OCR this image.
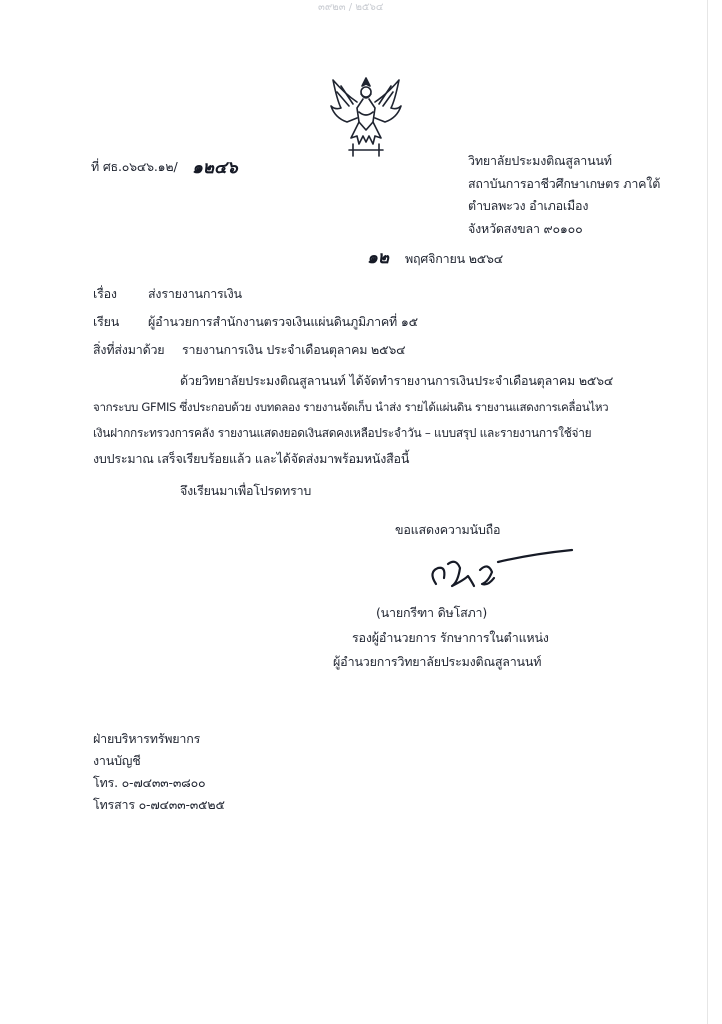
๓๙๒๓ / ๒๕๖๔
ที่ ศธ.๐๖๔๖.๑๒/ ๑๒๔๖	วิทยาลัยประมงติณสูลานนท์
สถาบันการอาชีวศึกษาเกษตร ภาคใต้
ตำบลพะวง อำเภอเมือง
จังหวัดสงขลา ๙๐๑๐๐
๑๒ พฤศจิกายน ๒๕๖๔
เรื่อง ส่งรายงานการเงิน
เรียน ผู้อำนวยการสำนักงานตรวจเงินแผ่นดินภูมิภาคที่ ๑๕
สิ่งที่ส่งมาด้วย รายงานการเงิน ประจำเดือนตุลาคม ๒๕๖๔
ด้วยวิทยาลัยประมงติณสูลานนท์ ได้จัดทำรายงานการเงินประจำเดือนตุลาคม ๒๕๖๔
จากระบบ GFMIS ซึ่งประกอบด้วย งบทดลอง รายงานจัดเก็บ นำส่ง รายได้แผ่นดิน รายงานแสดงการเคลื่อนไหว
เงินฝากกระทรวงการคลัง รายงานแสดงยอดเงินสดคงเหลือประจำวัน – แบบสรุป และรายงานการใช้จ่าย
งบประมาณ เสร็จเรียบร้อยแล้ว และได้จัดส่งมาพร้อมหนังสือนี้
จึงเรียนมาเพื่อโปรดทราบ
ขอแสดงความนับถือ
(นายกรีฑา ดิษโสภา)
รองผู้อำนวยการ รักษาการในตำแหน่ง
ผู้อำนวยการวิทยาลัยประมงติณสูลานนท์
ฝ่ายบริหารทรัพยากร
งานบัญชี
โทร. ๐-๗๔๓๓-๓๘๐๐
โทรสาร ๐-๗๔๓๓-๓๕๒๕
